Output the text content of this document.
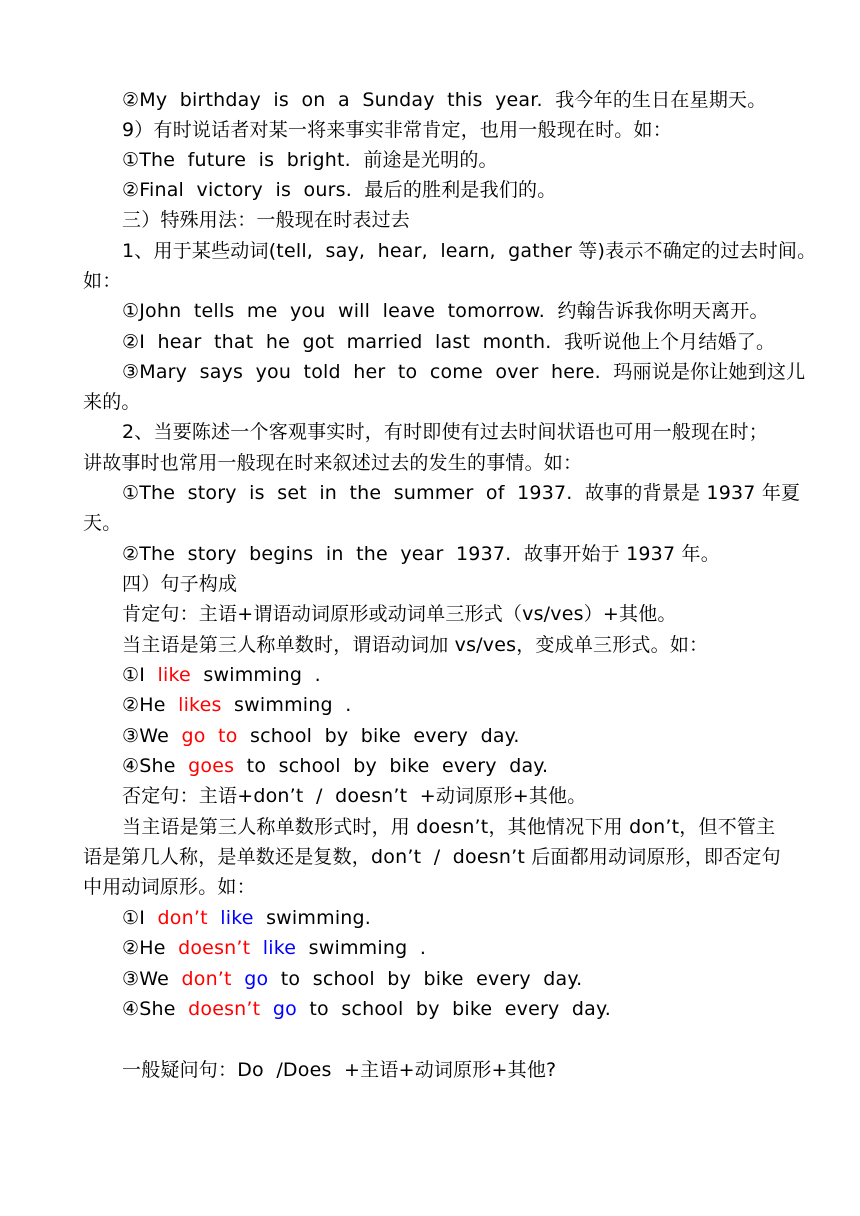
②My  birthday  is  on  a  Sunday  this  year.  我今年的生日在星期天。
9）有时说话者对某一将来事实非常肯定，也用一般现在时。如：
①The  future  is  bright.  前途是光明的。
②Final  victory  is  ours.  最后的胜利是我们的。
三）特殊用法：一般现在时表过去
1、用于某些动词(tell,  say,  hear,  learn,  gather 等)表示不确定的过去时间。
如：
①John  tells  me  you  will  leave  tomorrow.  约翰告诉我你明天离开。
②I  hear  that  he  got  married  last  month.  我听说他上个月结婚了。
③Mary  says  you  told  her  to  come  over  here.  玛丽说是你让她到这儿
来的。
2、当要陈述一个客观事实时，有时即使有过去时间状语也可用一般现在时；
讲故事时也常用一般现在时来叙述过去的发生的事情。如：
①The  story  is  set  in  the  summer  of  1937.  故事的背景是 1937 年夏
天。
②The  story  begins  in  the  year  1937.  故事开始于 1937 年。
四）句子构成
肯定句：主语+谓语动词原形或动词单三形式（vs/ves）+其他。
当主语是第三人称单数时，谓语动词加 vs/ves，变成单三形式。如：
①I  like  swimming  .
②He  likes  swimming  .
③We  go  to  school  by  bike  every  day.
④She  goes  to  school  by  bike  every  day.
否定句：主语+don’t  /  doesn’t  +动词原形+其他。
当主语是第三人称单数形式时，用 doesn’t，其他情况下用 don’t，但不管主
语是第几人称，是单数还是复数，don’t  /  doesn’t 后面都用动词原形，即否定句
中用动词原形。如：
①I  don’t like  swimming.
②He  doesn’t like  swimming  .
③We  don’t go  to  school  by  bike  every  day.
④She  doesn’t go  to  school  by  bike  every  day.
一般疑问句：Do  /Does  +主语+动词原形+其他?
